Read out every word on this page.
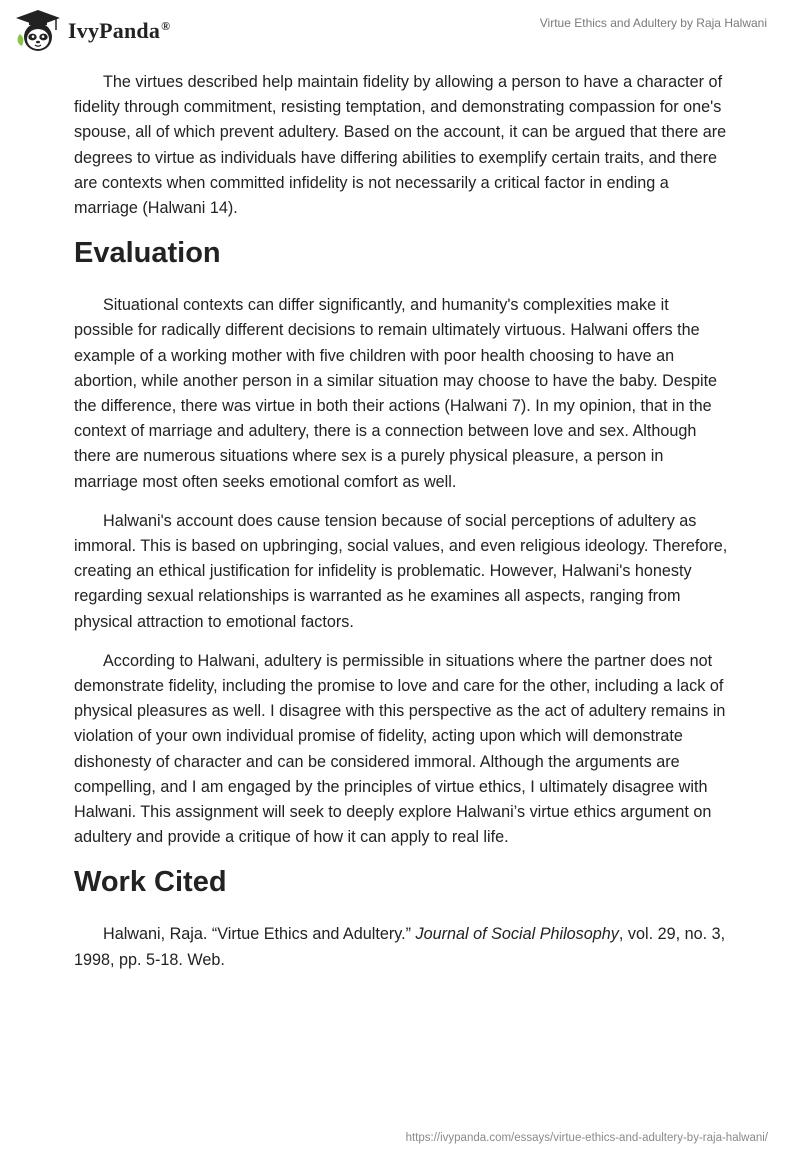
IvyPanda®	Virtue Ethics and Adultery by Raja Halwani

The virtues described help maintain fidelity by allowing a person to have a character of fidelity through commitment, resisting temptation, and demonstrating compassion for one's spouse, all of which prevent adultery. Based on the account, it can be argued that there are degrees to virtue as individuals have differing abilities to exemplify certain traits, and there are contexts when committed infidelity is not necessarily a critical factor in ending a marriage (Halwani 14).

Evaluation

Situational contexts can differ significantly, and humanity's complexities make it possible for radically different decisions to remain ultimately virtuous. Halwani offers the example of a working mother with five children with poor health choosing to have an abortion, while another person in a similar situation may choose to have the baby. Despite the difference, there was virtue in both their actions (Halwani 7). In my opinion, that in the context of marriage and adultery, there is a connection between love and sex. Although there are numerous situations where sex is a purely physical pleasure, a person in marriage most often seeks emotional comfort as well.

Halwani's account does cause tension because of social perceptions of adultery as immoral. This is based on upbringing, social values, and even religious ideology. Therefore, creating an ethical justification for infidelity is problematic. However, Halwani's honesty regarding sexual relationships is warranted as he examines all aspects, ranging from physical attraction to emotional factors.

According to Halwani, adultery is permissible in situations where the partner does not demonstrate fidelity, including the promise to love and care for the other, including a lack of physical pleasures as well. I disagree with this perspective as the act of adultery remains in violation of your own individual promise of fidelity, acting upon which will demonstrate dishonesty of character and can be considered immoral. Although the arguments are compelling, and I am engaged by the principles of virtue ethics, I ultimately disagree with Halwani. This assignment will seek to deeply explore Halwani’s virtue ethics argument on adultery and provide a critique of how it can apply to real life.

Work Cited

Halwani, Raja. “Virtue Ethics and Adultery.” Journal of Social Philosophy, vol. 29, no. 3, 1998, pp. 5-18. Web.

https://ivypanda.com/essays/virtue-ethics-and-adultery-by-raja-halwani/
